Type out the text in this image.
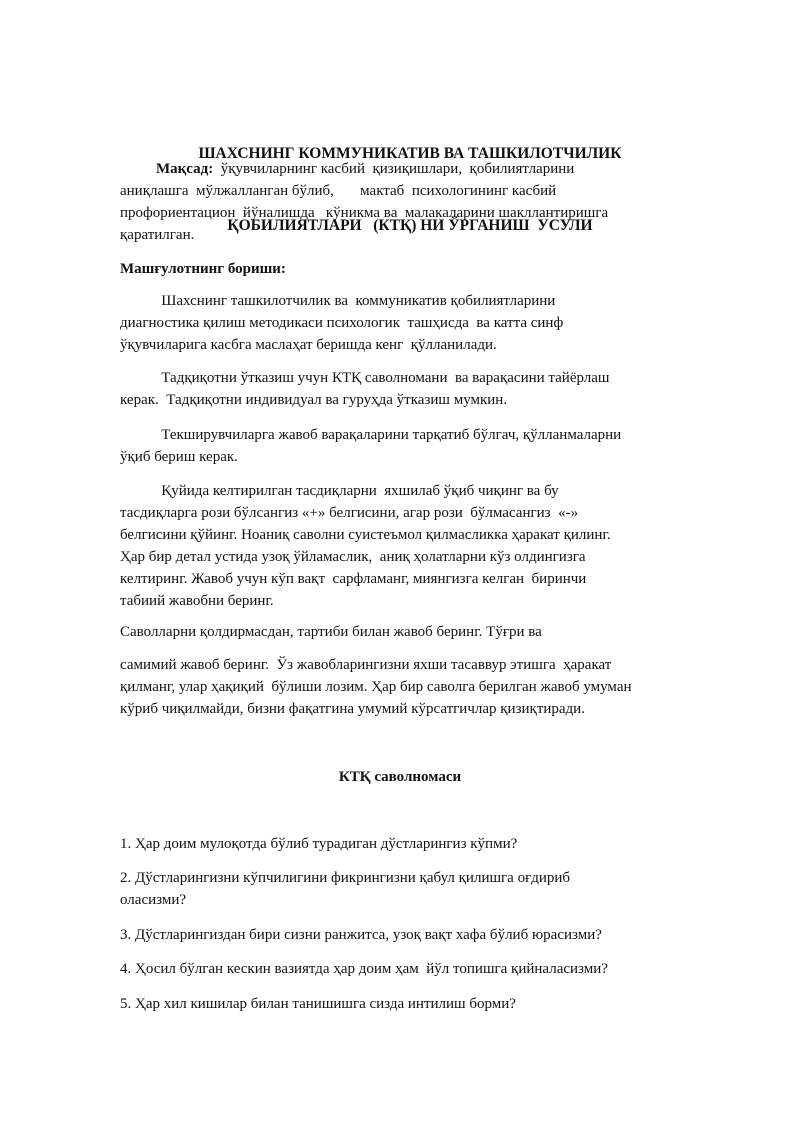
ШАХСНИНГ КОММУНИКАТИВ ВА ТАШКИЛОТЧИЛИК

ҚОБИЛИЯТЛАРИ   (КТҚ) НИ ЎРГАНИШ  УСУЛИ

Мақсад:  ўқувчиларнинг касбий  қизиқишлари,  қобилиятларини
аниқлашга  мўлжалланган бўлиб,       мактаб  психологининг касбий
профориентацион  йўналишда   кўникма ва  малакаларини шакллантиришга
қаратилган.
Машғулотнинг бориши:
Шахснинг ташкилотчилик ва  коммуникатив қобилиятларини
диагностика қилиш методикаси психологик  ташҳисда  ва катта синф
ўқувчиларига касбга маслаҳат беришда кенг  қўлланилади.
Тадқиқотни ўтказиш учун КТҚ саволномани  ва варақасини тайёрлаш
керак.  Тадқиқотни индивидуал ва гуруҳда ўтказиш мумкин.
Текширувчиларга жавоб варақаларини тарқатиб бўлгач, қўлланмаларни
ўқиб бериш керак.
Қуйида келтирилган тасдиқларни  яхшилаб ўқиб чиқинг ва бу
тасдиқларга рози бўлсангиз «+» белгисини, агар рози  бўлмасангиз  «-»
белгисини қўйинг. Ноаниқ саволни суистеъмол қилмасликка ҳаракат қилинг.
Ҳар бир детал устида узоқ ўйламаслик,  аниқ ҳолатларни кўз олдингизга
келтиринг. Жавоб учун кўп вақт  сарфламанг, миянгизга келган  биринчи
табиий жавобни беринг.
Саволларни қолдирмасдан, тартиби билан жавоб беринг. Тўғри ва
самимий жавоб беринг.  Ўз жавобларингизни яхши тасаввур этишга  ҳаракат
қилманг, улар ҳақиқий  бўлиши лозим. Ҳар бир саволга берилган жавоб умуман
кўриб чиқилмайди, бизни фақатгина умумий кўрсатгичлар қизиқтиради.
КТҚ саволномаси
1. Ҳар доим мулоқотда бўлиб турадиган дўстларингиз кўпми?
2. Дўстларингизни кўпчилигини фикрингизни қабул қилишга оғдириб
оласизми?
3. Дўстларингиздан бири сизни ранжитса, узоқ вақт хафа бўлиб юрасизми?
4. Ҳосил бўлган кескин вазиятда ҳар доим ҳам  йўл топишга қийналасизми?
5. Ҳар хил кишилар билан танишишга сизда интилиш борми?
